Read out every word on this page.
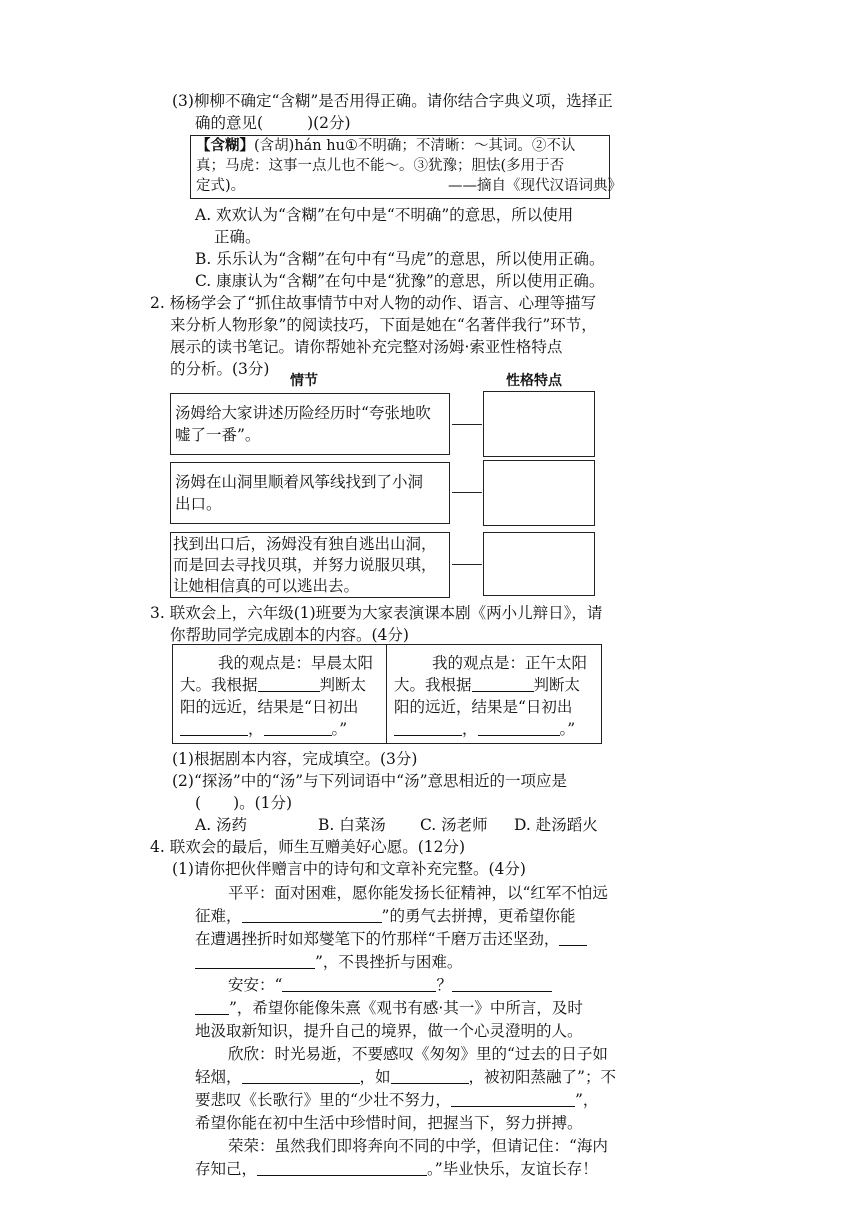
(3)柳柳不确定“含糊”是否用得正确。请你结合字典义项，选择正
确的意见(	)(2分)
【含糊】(含胡)hán hu①不明确；不清晰：～其词。②不认
真；马虎：这事一点儿也不能～。③犹豫；胆怯(多用于否
定式)。	——摘自《现代汉语词典》
A. 欢欢认为“含糊”在句中是“不明确”的意思，所以使用
正确。
B. 乐乐认为“含糊”在句中有“马虎”的意思，所以使用正确。
C. 康康认为“含糊”在句中是“犹豫”的意思，所以使用正确。
2. 杨杨学会了“抓住故事情节中对人物的动作、语言、心理等描写
来分析人物形象”的阅读技巧，下面是她在“名著伴我行”环节，
展示的读书笔记。请你帮她补充完整对汤姆·索亚性格特点
的分析。(3分)
情节	性格特点
汤姆给大家讲述历险经历时“夸张地吹
嘘了一番”。
汤姆在山洞里顺着风筝线找到了小洞
出口。
找到出口后，汤姆没有独自逃出山洞，
而是回去寻找贝琪，并努力说服贝琪，
让她相信真的可以逃出去。
3. 联欢会上，六年级(1)班要为大家表演课本剧《两小儿辩日》，请
你帮助同学完成剧本的内容。(4分)
我的观点是：早晨太阳
大。我根据	判断太
阳的远近，结果是“日初出
，	。”
我的观点是：正午太阳
大。我根据	判断太
阳的远近，结果是“日初出
，	。”
(1)根据剧本内容，完成填空。(3分)
(2)“探汤”中的“汤”与下列词语中“汤”意思相近的一项应是
( )。(1分)
A. 汤药	B. 白菜汤 C. 汤老师 D. 赴汤蹈火
4. 联欢会的最后，师生互赠美好心愿。(12分)
(1)请你把伙伴赠言中的诗句和文章补充完整。(4分)
平平：面对困难，愿你能发扬长征精神，以“红军不怕远
征难，	”的勇气去拼搏，更希望你能
在遭遇挫折时如郑燮笔下的竹那样“千磨万击还坚劲，
”，不畏挫折与困难。
安安：“	？
”，希望你能像朱熹《观书有感·其一》中所言，及时
地汲取新知识，提升自己的境界，做一个心灵澄明的人。
欣欣：时光易逝，不要感叹《匆匆》里的“过去的日子如
轻烟，	，如	，被初阳蒸融了”；不
要悲叹《长歌行》里的“少壮不努力，	”，
希望你能在初中生活中珍惜时间，把握当下，努力拼搏。
荣荣：虽然我们即将奔向不同的中学，但请记住：“海内
存知己，	。”毕业快乐，友谊长存！
